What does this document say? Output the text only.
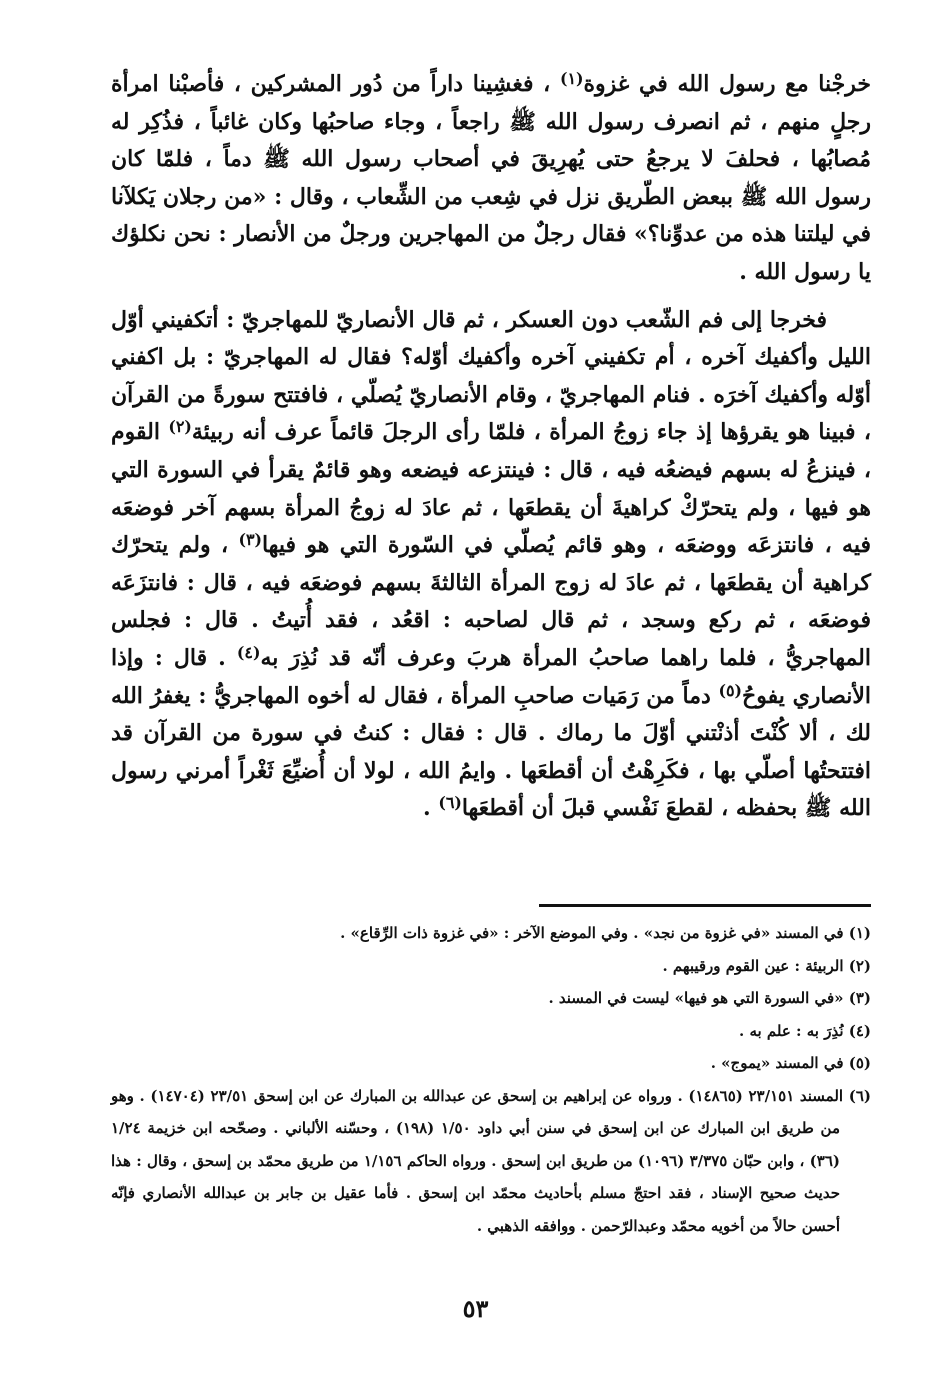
خرجْنا مع رسول الله في غزوة$^{(١)}$ ، فغشِينا داراً من دُور المشركين ، فأصبْنا امرأة رجلٍ منهم ، ثم انصرف رسول الله ﷺ راجعاً ، وجاء صاحبُها وكان غائباً ، فذُكِر له مُصابُها ، فحلفَ لا يرجعُ حتى يُهرِيقَ في أصحاب رسول الله ﷺ دماً ، فلمّا كان رسول الله ﷺ ببعض الطّريق نزل في شِعب من الشِّعاب ، وقال : «من رجلان يَكلآنا في ليلتنا هذه من عدوِّنا؟» فقال رجلٌ من المهاجرين ورجلٌ من الأنصار : نحن نكلؤك يا رسول الله .

فخرجا إلى فم الشّعب دون العسكر ، ثم قال الأنصاريّ للمهاجريّ : أتكفيني أوّل الليل وأكفيك آخره ، أم تكفيني آخره وأكفيك أوّله؟ فقال له المهاجريّ : بل اكفني أوّله وأكفيك آخرَه . فنام المهاجريّ ، وقام الأنصاريّ يُصلّي ، فافتتح سورةً من القرآن ، فبينا هو يقرؤها إذ جاء زوجُ المرأة ، فلمّا رأى الرجلَ قائماً عرف أنه ربيئة$^{(٢)}$ القوم ، فينزعُ له بسهم فيضعُه فيه ، قال : فينتزعه فيضعه وهو قائمٌ يقرأ في السورة التي هو فيها ، ولم يتحرّكْ كراهيةَ أن يقطعَها ، ثم عادَ له زوجُ المرأة بسهم آخر فوضعَه فيه ، فانتزعَه ووضعَه ، وهو قائم يُصلّي في السّورة التي هو فيها$^{(٣)}$ ، ولم يتحرّك كراهية أن يقطعَها ، ثم عادَ له زوج المرأة الثالثةَ بسهم فوضعَه فيه ، قال : فانتزَعَه فوضعَه ، ثم ركع وسجد ، ثم قال لصاحبه : اقعُد ، فقد أُتيتُ . قال : فجلس المهاجريُّ ، فلما راهما صاحبُ المرأة هربَ وعرف أنّه قد نُذِرَ به$^{(٤)}$ . قال : وإذا الأنصاري يفوحُ$^{(٥)}$ دماً من رَمَيات صاحبِ المرأة ، فقال له أخوه المهاجريُّ : يغفرُ الله لك ، ألا كُنْتَ أذنْتني أوّلَ ما رماك . قال : فقال : كنتُ في سورة من القرآن قد افتتحتُها أصلّي بها ، فكَرِهْتُ أن أقطعَها . وايمُ الله ، لولا أن أُضيِّعَ ثَغْراً أمرني رسول الله ﷺ بحفظه ، لقطعَ نَفْسي قبلَ أن أقطعَها$^{(٦)}$ .

(١) في المسند «في غزوة من نجد» . وفي الموضع الآخر : «في غزوة ذات الرِّقاع» .

(٢) الربيئة : عين القوم ورقيبهم .

(٣) «في السورة التي هو فيها» ليست في المسند .

(٤) نُذِرَ به : علم به .

(٥) في المسند «يموج» .

(٦) المسند ٢٣/١٥١ (١٤٨٦٥) . ورواه عن إبراهيم بن إسحق عن عبدالله بن المبارك عن ابن إسحق ٢٣/٥١ (١٤٧٠٤) . وهو من طريق ابن المبارك عن ابن إسحق في سنن أبي داود ١/٥٠ (١٩٨) ، وحسّنه الألباني . وصحّحه ابن خزيمة ١/٢٤ (٣٦) ، وابن حبّان ٣/٣٧٥ (١٠٩٦) من طريق ابن إسحق . ورواه الحاكم ١/١٥٦ من طريق محمّد بن إسحق ، وقال : هذا حديث صحيح الإسناد ، فقد احتجّ مسلم بأحاديث محمّد ابن إسحق . فأما عقيل بن جابر بن عبدالله الأنصاري فإنّه أحسن حالاً من أخويه محمّد وعبدالرّحمن . ووافقه الذهبي .

٥٣
